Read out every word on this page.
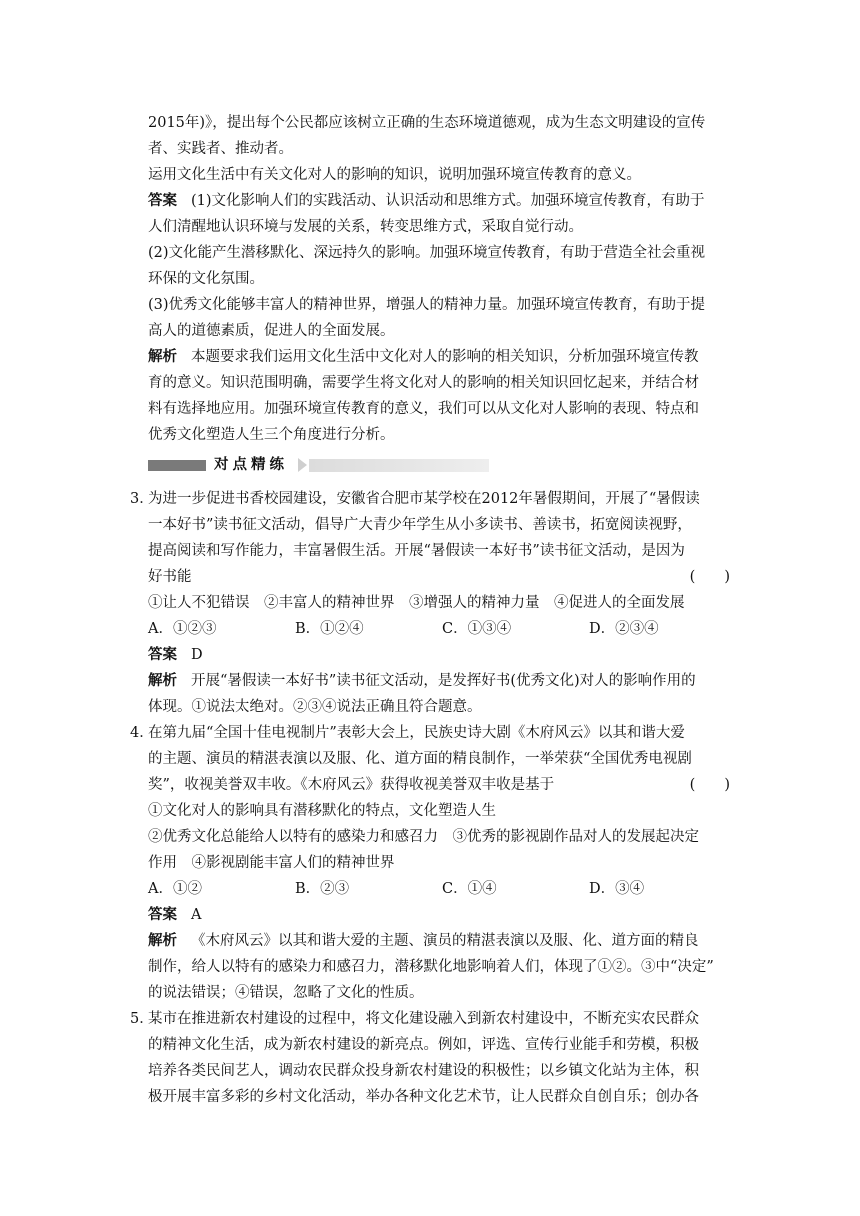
2015年)》，提出每个公民都应该树立正确的生态环境道德观，成为生态文明建设的宣传
者、实践者、推动者。
运用文化生活中有关文化对人的影响的知识，说明加强环境宣传教育的意义。
答案 (1)文化影响人们的实践活动、认识活动和思维方式。加强环境宣传教育，有助于
人们清醒地认识环境与发展的关系，转变思维方式，采取自觉行动。
(2)文化能产生潜移默化、深远持久的影响。加强环境宣传教育，有助于营造全社会重视
环保的文化氛围。
(3)优秀文化能够丰富人的精神世界，增强人的精神力量。加强环境宣传教育，有助于提
高人的道德素质，促进人的全面发展。
解析 本题要求我们运用文化生活中文化对人的影响的相关知识，分析加强环境宣传教
育的意义。知识范围明确，需要学生将文化对人的影响的相关知识回忆起来，并结合材
料有选择地应用。加强环境宣传教育的意义，我们可以从文化对人影响的表现、特点和
优秀文化塑造人生三个角度进行分析。
对点精练
3．
为进一步促进书香校园建设，安徽省合肥市某学校在2012年暑假期间，开展了“暑假读
一本好书”读书征文活动，倡导广大青少年学生从小多读书、善读书，拓宽阅读视野，
提高阅读和写作能力，丰富暑假生活。开展“暑假读一本好书”读书征文活动，是因为
好书能	(　　)
①让人不犯错误　②丰富人的精神世界　③增强人的精神力量　④促进人的全面发展
A．①②③	B．①②④	C．①③④	D．②③④
答案 D
解析 开展“暑假读一本好书”读书征文活动，是发挥好书(优秀文化)对人的影响作用的
体现。①说法太绝对。②③④说法正确且符合题意。
4．
在第九届“全国十佳电视制片”表彰大会上，民族史诗大剧《木府风云》以其和谐大爱
的主题、演员的精湛表演以及服、化、道方面的精良制作，一举荣获“全国优秀电视剧
奖”，收视美誉双丰收。《木府风云》获得收视美誉双丰收是基于	(　　)
①文化对人的影响具有潜移默化的特点，文化塑造人生
②优秀文化总能给人以特有的感染力和感召力　③优秀的影视剧作品对人的发展起决定
作用　④影视剧能丰富人们的精神世界
A．①②	B．②③	C．①④	D．③④
答案 A
解析 《木府风云》以其和谐大爱的主题、演员的精湛表演以及服、化、道方面的精良
制作，给人以特有的感染力和感召力，潜移默化地影响着人们，体现了①②。③中“决定”
的说法错误；④错误，忽略了文化的性质。
5．
某市在推进新农村建设的过程中，将文化建设融入到新农村建设中，不断充实农民群众
的精神文化生活，成为新农村建设的新亮点。例如，评选、宣传行业能手和劳模，积极
培养各类民间艺人，调动农民群众投身新农村建设的积极性；以乡镇文化站为主体，积
极开展丰富多彩的乡村文化活动，举办各种文化艺术节，让人民群众自创自乐；创办各
